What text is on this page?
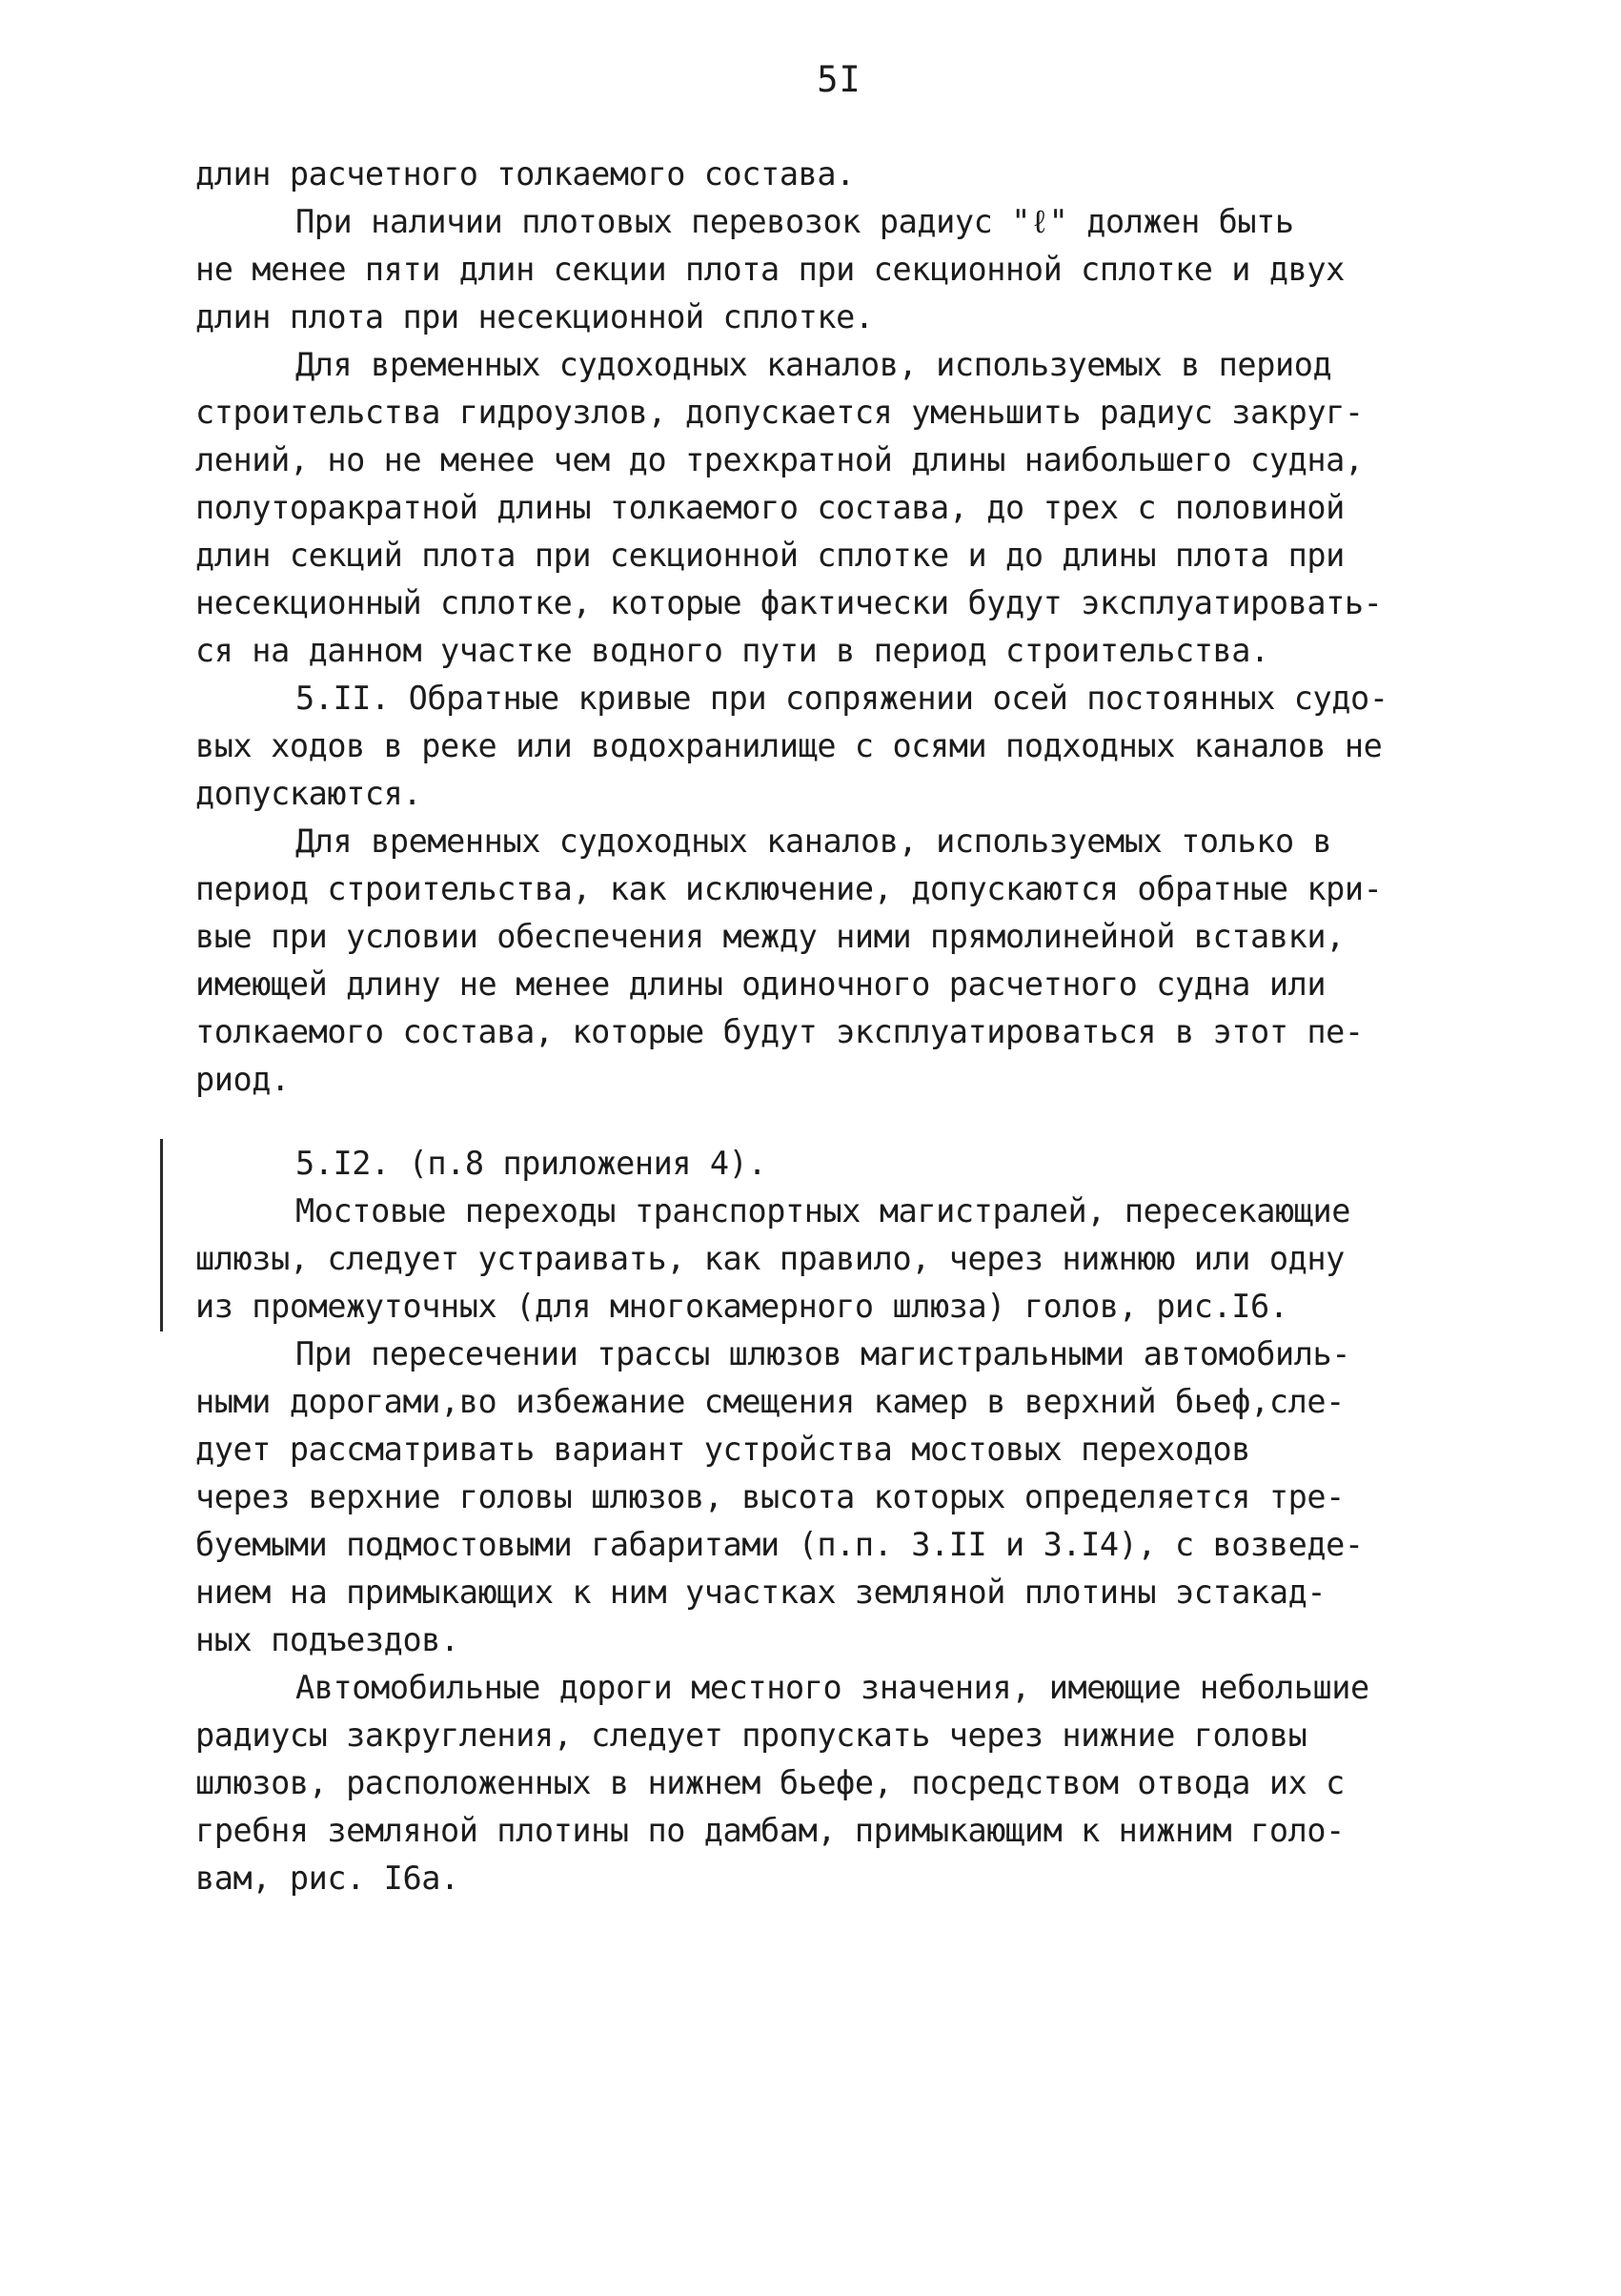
5I
длин расчетного толкаемого состава.
При наличии плотовых перевозок радиус "ℓ" должен быть
не менее пяти длин секции плота при секционной сплотке и двух
длин плота при несекционной сплотке.
Для временных судоходных каналов, используемых в период
строительства гидроузлов, допускается уменьшить радиус закруг-
лений, но не менее чем до трехкратной длины наибольшего судна,
полуторакратной длины толкаемого состава, до трех с половиной
длин секций плота при секционной сплотке и до длины плота при
несекционный сплотке, которые фактически будут эксплуатировать-
ся на данном участке водного пути в период строительства.
5.II. Обратные кривые при сопряжении осей постоянных судо-
вых ходов в реке или водохранилище с осями подходных каналов не
допускаются.
Для временных судоходных каналов, используемых только в
период строительства, как исключение, допускаются обратные кри-
вые при условии обеспечения между ними прямолинейной вставки,
имеющей длину не менее длины одиночного расчетного судна или
толкаемого состава, которые будут эксплуатироваться в этот пе-
риод.
5.I2. (п.8 приложения 4).
Мостовые переходы транспортных магистралей, пересекающие
шлюзы, следует устраивать, как правило, через нижнюю или одну
из промежуточных (для многокамерного шлюза) голов, рис.I6.
При пересечении трассы шлюзов магистральными автомобиль-
ными дорогами,во избежание смещения камер в верхний бьеф,сле-
дует рассматривать вариант устройства мостовых переходов
через верхние головы шлюзов, высота которых определяется тре-
буемыми подмостовыми габаритами (п.п. 3.II и 3.I4), с возведе-
нием на примыкающих к ним участках земляной плотины эстакад-
ных подъездов.
Автомобильные дороги местного значения, имеющие небольшие
радиусы закругления, следует пропускать через нижние головы
шлюзов, расположенных в нижнем бьефе, посредством отвода их с
гребня земляной плотины по дамбам, примыкающим к нижним голо-
вам, рис. I6а.
